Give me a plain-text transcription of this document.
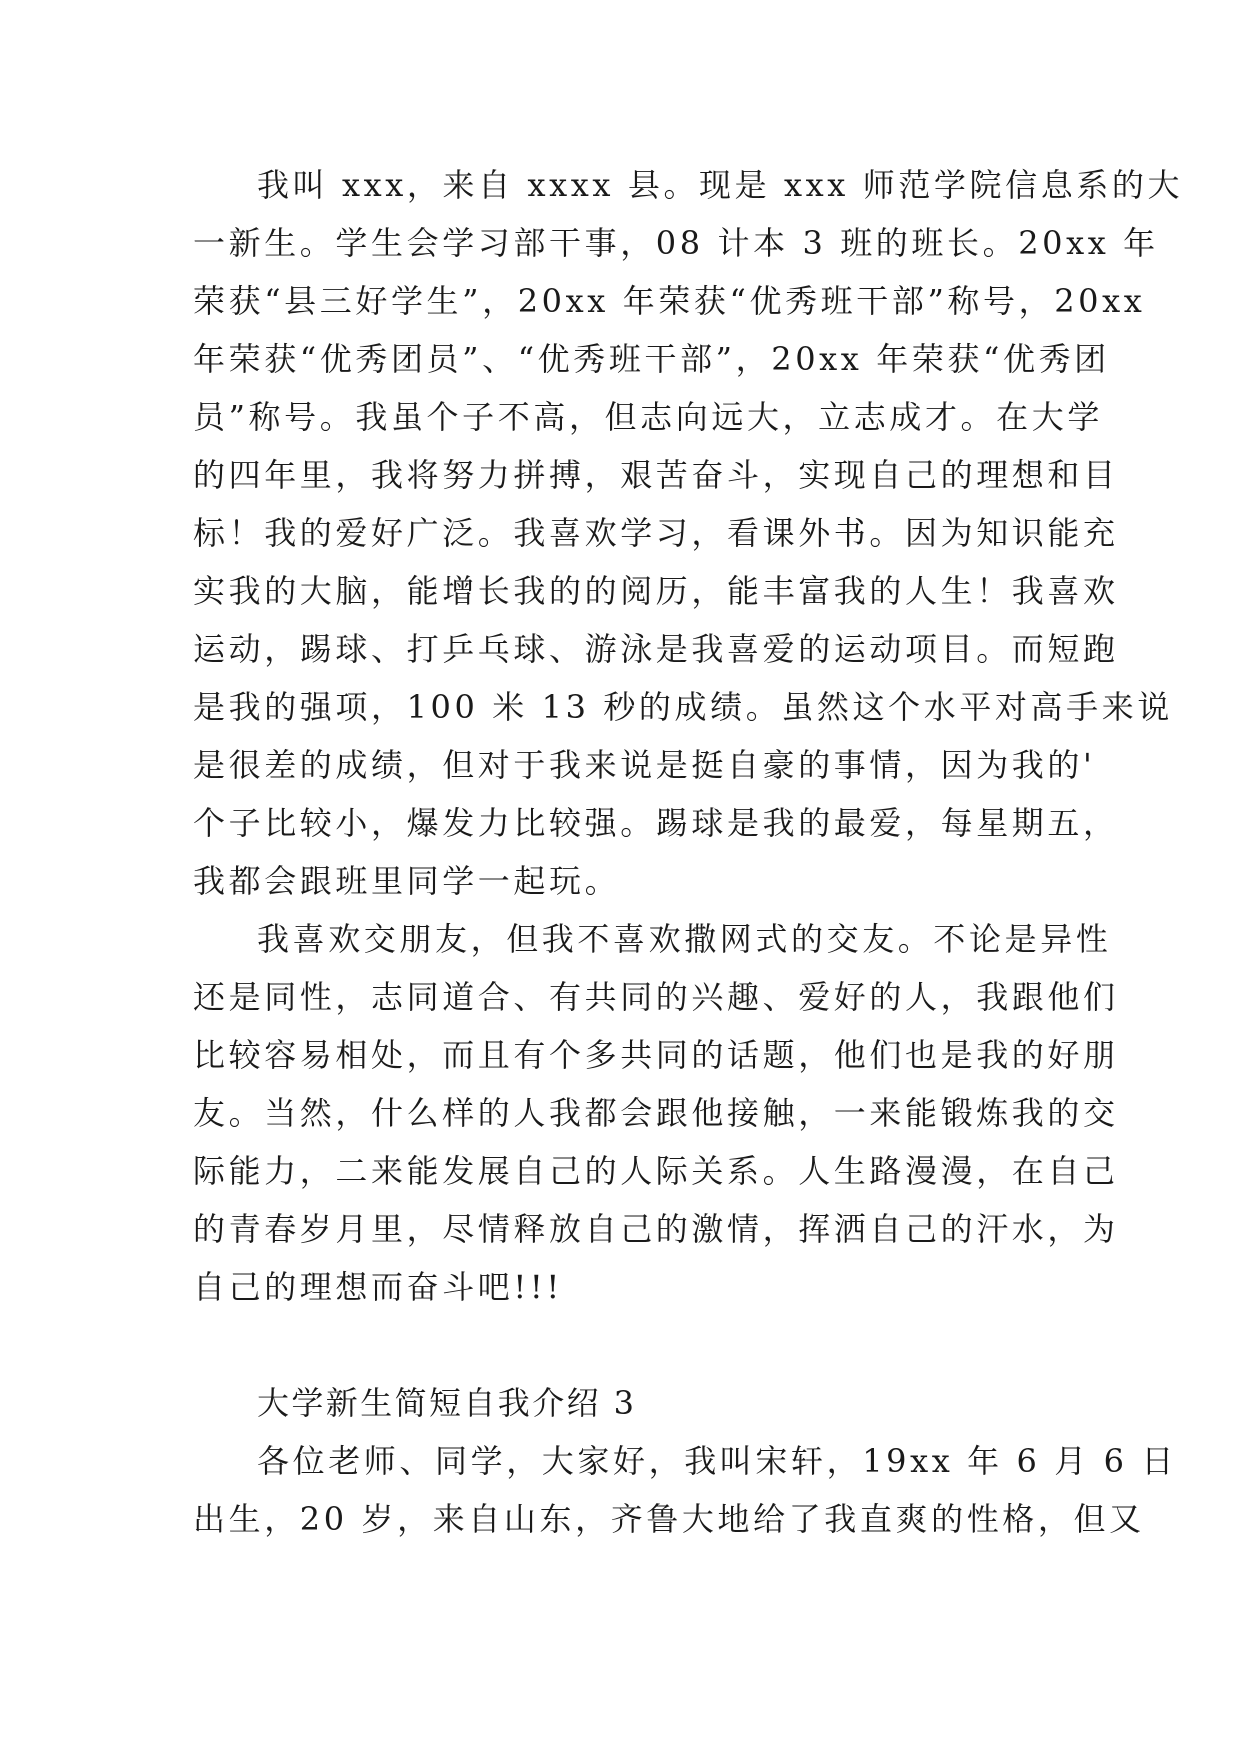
我叫 xxx，来自 xxxx 县。现是 xxx 师范学院信息系的大

一新生。学生会学习部干事，08 计本 3 班的班长。20xx 年

荣获“县三好学生”，20xx 年荣获“优秀班干部”称号，20xx

年荣获“优秀团员”、“优秀班干部”，20xx 年荣获“优秀团

员”称号。我虽个子不高，但志向远大，立志成才。在大学

的四年里，我将努力拼搏，艰苦奋斗，实现自己的理想和目

标！我的爱好广泛。我喜欢学习，看课外书。因为知识能充

实我的大脑，能增长我的的阅历，能丰富我的人生！我喜欢

运动，踢球、打乒乓球、游泳是我喜爱的运动项目。而短跑

是我的强项，100 米 13 秒的成绩。虽然这个水平对高手来说

是很差的成绩，但对于我来说是挺自豪的事情，因为我的'

个子比较小，爆发力比较强。踢球是我的最爱，每星期五，

我都会跟班里同学一起玩。

我喜欢交朋友，但我不喜欢撒网式的交友。不论是异性

还是同性，志同道合、有共同的兴趣、爱好的人，我跟他们

比较容易相处，而且有个多共同的话题，他们也是我的好朋

友。当然，什么样的人我都会跟他接触，一来能锻炼我的交

际能力，二来能发展自己的人际关系。人生路漫漫，在自己

的青春岁月里，尽情释放自己的激情，挥洒自己的汗水，为

自己的理想而奋斗吧!!!

大学新生简短自我介绍 3

各位老师、同学，大家好，我叫宋轩，19xx 年 6 月 6 日

出生，20 岁，来自山东，齐鲁大地给了我直爽的性格，但又
